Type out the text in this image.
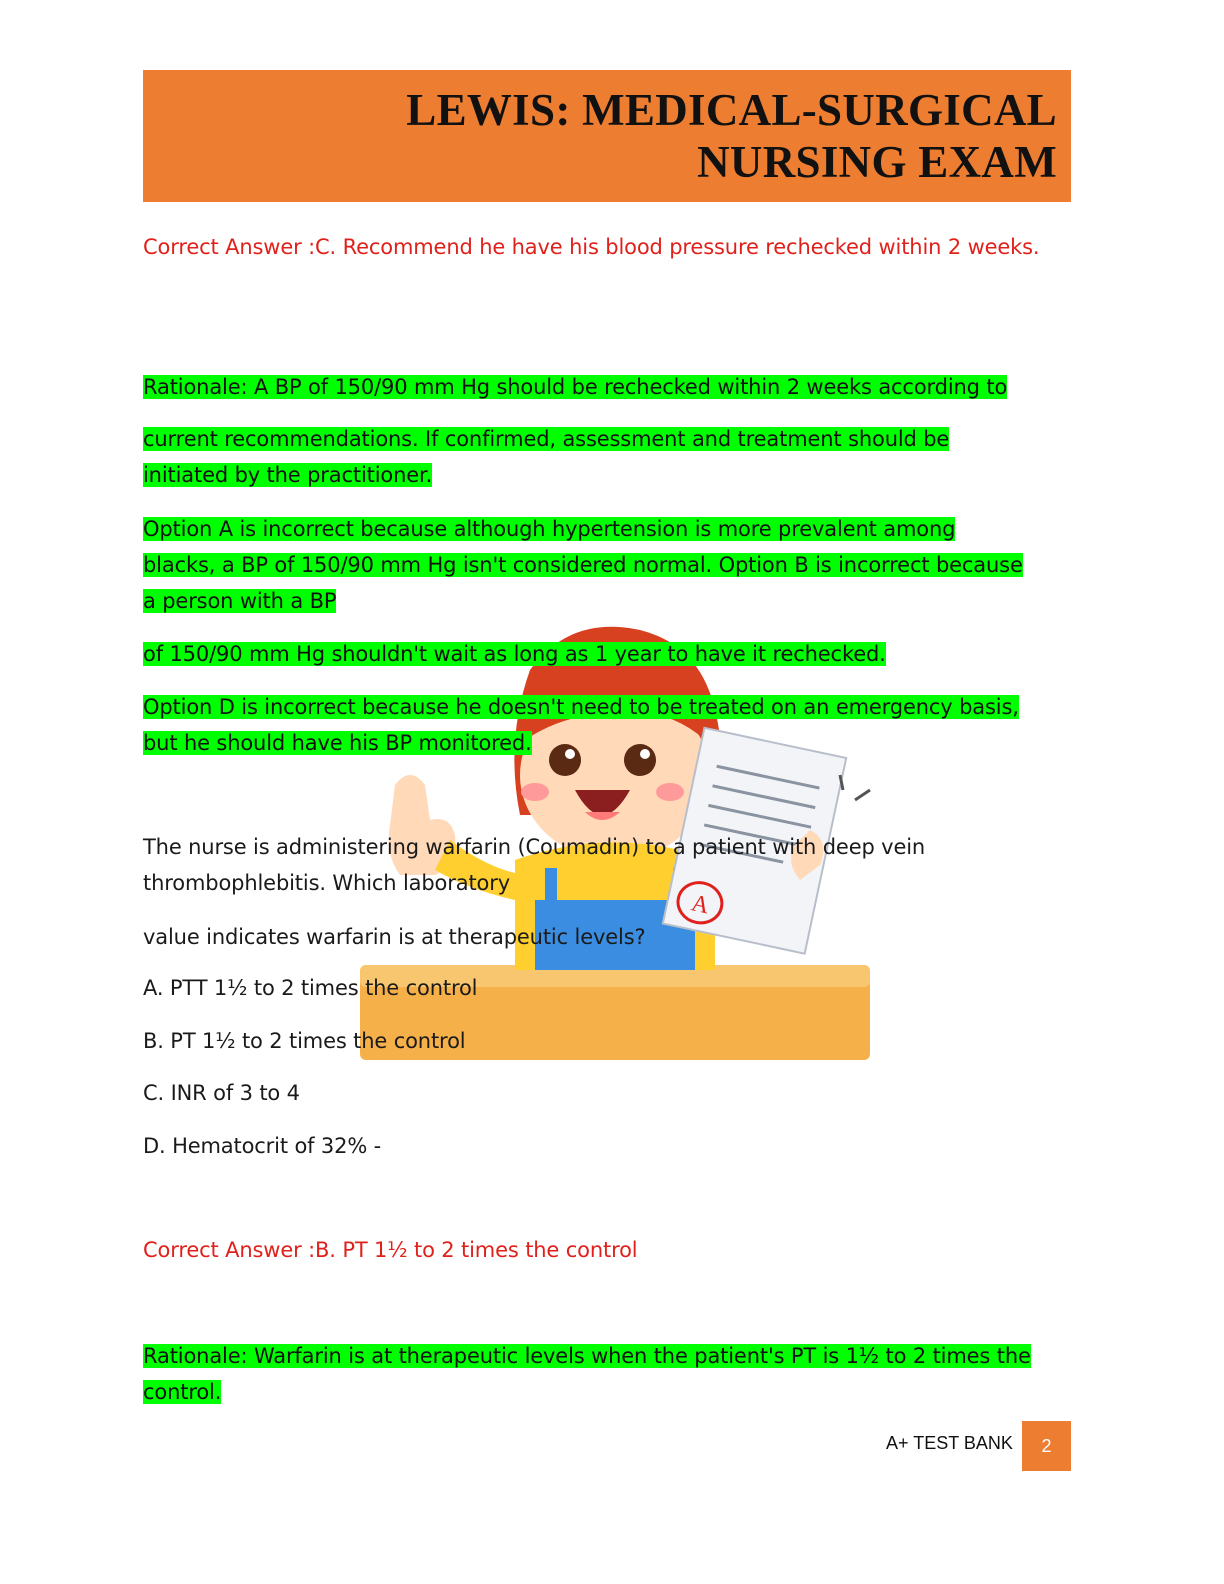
LEWIS: MEDICAL-SURGICAL
NURSING EXAM
A

Correct Answer :C. Recommend he have his blood pressure rechecked within 2 weeks.

Rationale: A BP of 150/90 mm Hg should be rechecked within 2 weeks according to

current recommendations. If confirmed, assessment and treatment should be initiated by the practitioner.

Option A is incorrect because although hypertension is more prevalent among blacks, a BP of 150/90 mm Hg isn't considered normal. Option B is incorrect because a person with a BP

of 150/90 mm Hg shouldn't wait as long as 1 year to have it rechecked.

Option D is incorrect because he doesn't need to be treated on an emergency basis, but he should have his BP monitored.

The nurse is administering warfarin (Coumadin) to a patient with deep vein thrombophlebitis. Which laboratory

value indicates warfarin is at therapeutic levels?

A. PTT 1½ to 2 times the control

B. PT 1½ to 2 times the control

C. INR of 3 to 4

D. Hematocrit of 32% -

Correct Answer :B. PT 1½ to 2 times the control

Rationale: Warfarin is at therapeutic levels when the patient's PT is 1½ to 2 times the control.

A+ TEST BANK	2
